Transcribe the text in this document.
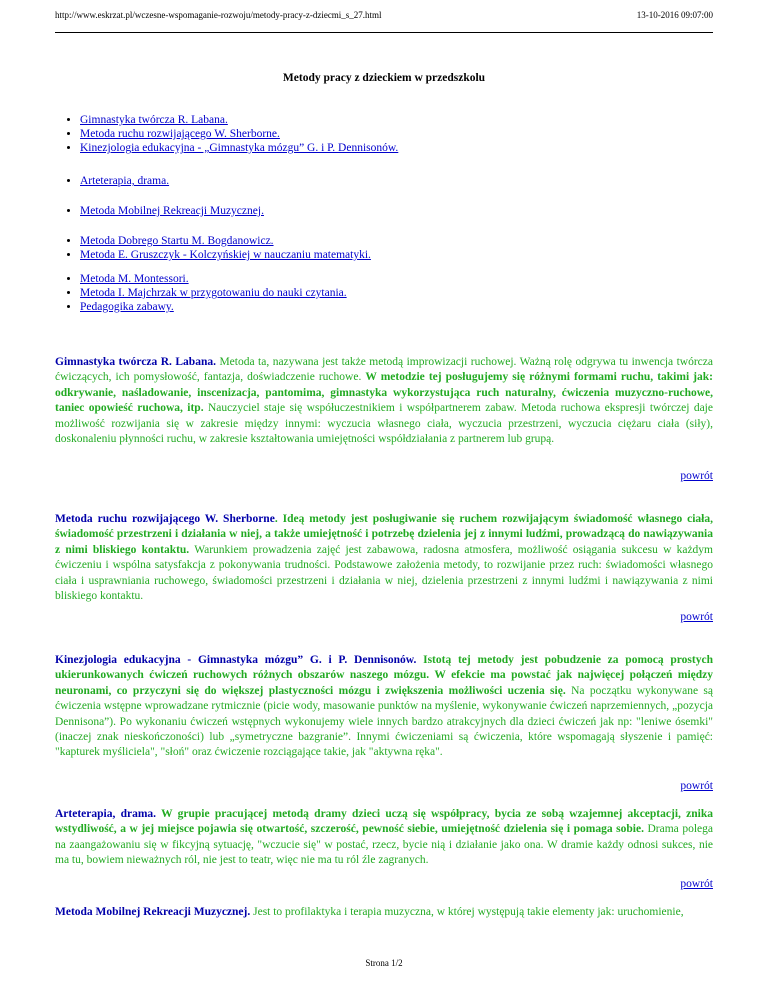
http://www.eskrzat.pl/wczesne-wspomaganie-rozwoju/metody-pracy-z-dziecmi_s_27.html	13-10-2016 09:07:00
Metody pracy z dzieckiem w przedszkolu
• Gimnastyka twórcza R. Labana.
• Metoda ruchu rozwijającego W. Sherborne.
• Kinezjologia edukacyjna - „Gimnastyka mózgu” G. i P. Dennisonów.
• Arteterapia, drama.
• Metoda Mobilnej Rekreacji Muzycznej.
• Metoda Dobrego Startu M. Bogdanowicz.
• Metoda E. Gruszczyk - Kolczyńskiej w nauczaniu matematyki.
• Metoda M. Montessori.
• Metoda I. Majchrzak w przygotowaniu do nauki czytania.
• Pedagogika zabawy.
Gimnastyka twórcza R. Labana. Metoda ta, nazywana jest także metodą improwizacji ruchowej. Ważną rolę odgrywa tu inwencja twórcza ćwiczących, ich pomysłowość, fantazja, doświadczenie ruchowe. W metodzie tej posługujemy się różnymi formami ruchu, takimi jak: odkrywanie, naśladowanie, inscenizacja, pantomima, gimnastyka wykorzystująca ruch naturalny, ćwiczenia muzyczno-ruchowe, taniec opowieść ruchowa, itp. Nauczyciel staje się współuczestnikiem i współpartnerem zabaw. Metoda ruchowa ekspresji twórczej daje możliwość rozwijania się w zakresie między innymi: wyczucia własnego ciała, wyczucia przestrzeni, wyczucia ciężaru ciała (siły), doskonaleniu płynności ruchu, w zakresie kształtowania umiejętności współdziałania z partnerem lub grupą.
powrót
Metoda ruchu rozwijającego W. Sherborne. Ideą metody jest posługiwanie się ruchem rozwijającym świadomość własnego ciała, świadomość przestrzeni i działania w niej, a także umiejętność i potrzebę dzielenia jej z innymi ludźmi, prowadzącą do nawiązywania z nimi bliskiego kontaktu. Warunkiem prowadzenia zajęć jest zabawowa, radosna atmosfera, możliwość osiągania sukcesu w każdym ćwiczeniu i wspólna satysfakcja z pokonywania trudności. Podstawowe założenia metody, to rozwijanie przez ruch: świadomości własnego ciała i usprawniania ruchowego, świadomości przestrzeni i działania w niej, dzielenia przestrzeni z innymi ludźmi i nawiązywania z nimi bliskiego kontaktu.
powrót
Kinezjologia edukacyjna - Gimnastyka mózgu” G. i P. Dennisonów. Istotą tej metody jest pobudzenie za pomocą prostych ukierunkowanych ćwiczeń ruchowych różnych obszarów naszego mózgu. W efekcie ma powstać jak najwięcej połączeń między neuronami, co przyczyni się do większej plastyczności mózgu i zwiększenia możliwości uczenia się. Na początku wykonywane są ćwiczenia wstępne wprowadzane rytmicznie (picie wody, masowanie punktów na myślenie, wykonywanie ćwiczeń naprzemiennych, „pozycja Dennisona”). Po wykonaniu ćwiczeń wstępnych wykonujemy wiele innych bardzo atrakcyjnych dla dzieci ćwiczeń jak np: "leniwe ósemki" (inaczej znak nieskończoności) lub „symetryczne bazgranie”. Innymi ćwiczeniami są ćwiczenia, które wspomagają słyszenie i pamięć: "kapturek myśliciela", "słoń" oraz ćwiczenie rozciągające takie, jak "aktywna ręka".
powrót
Arteterapia, drama. W grupie pracującej metodą dramy dzieci uczą się współpracy, bycia ze sobą wzajemnej akceptacji, znika wstydliwość, a w jej miejsce pojawia się otwartość, szczerość, pewność siebie, umiejętność dzielenia się i pomaga sobie. Drama polega na zaangażowaniu się w fikcyjną sytuację, "wczucie się" w postać, rzecz, bycie nią i działanie jako ona. W dramie każdy odnosi sukces, nie ma tu, bowiem nieważnych ról, nie jest to teatr, więc nie ma tu ról źle zagranych.
powrót
Metoda Mobilnej Rekreacji Muzycznej. Jest to profilaktyka i terapia muzyczna, w której występują takie elementy jak: uruchomienie,
Strona 1/2
